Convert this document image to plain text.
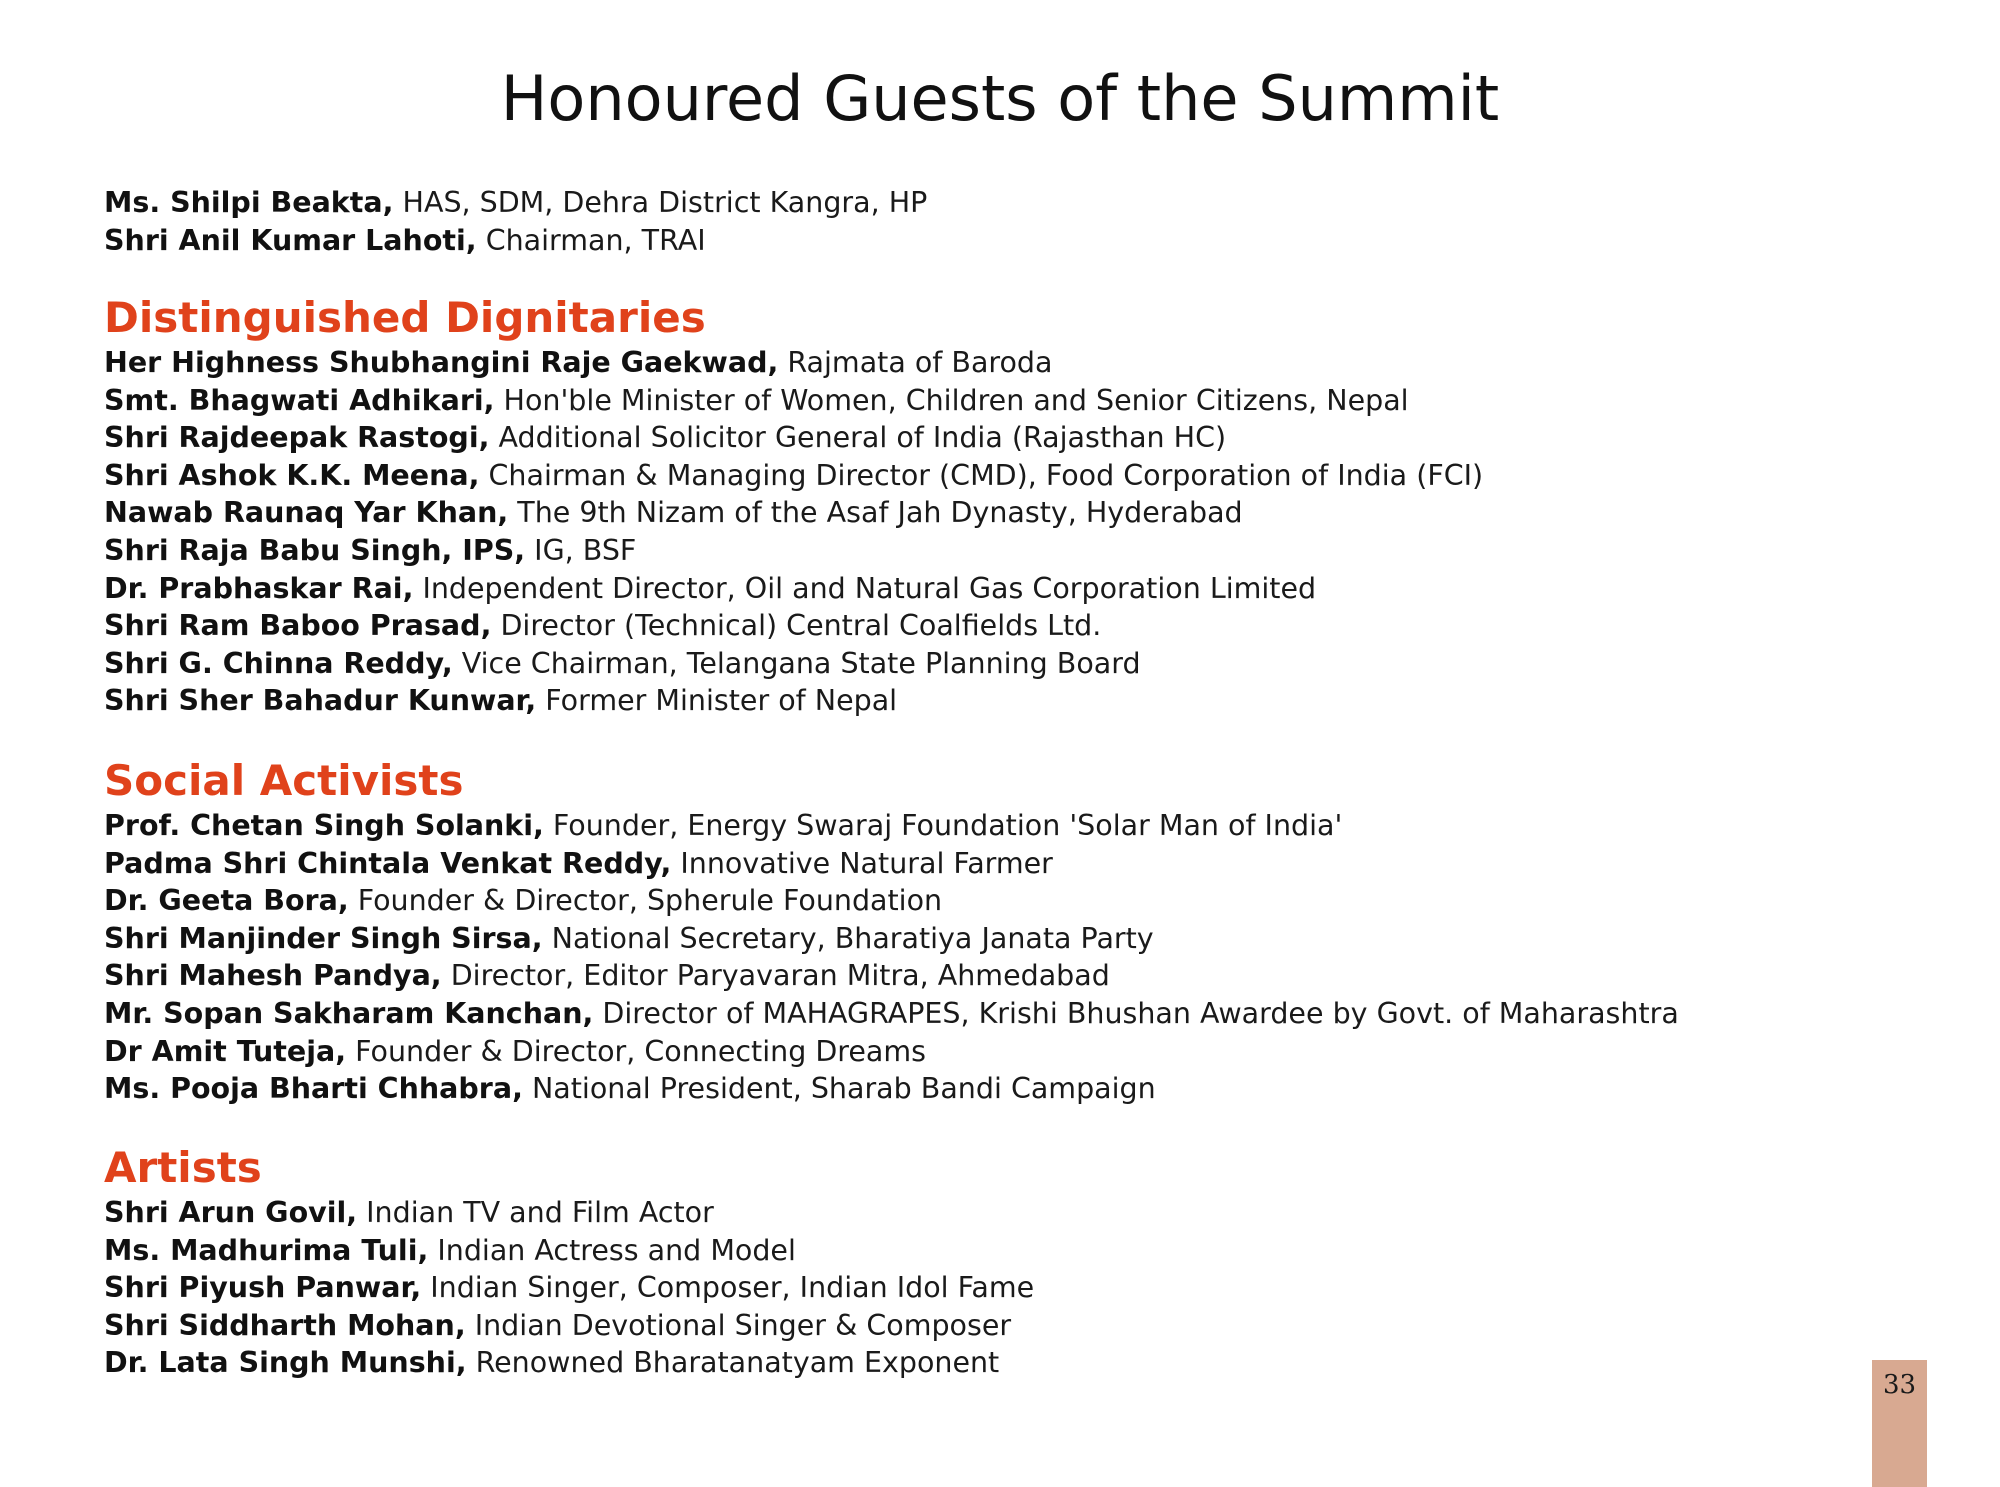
Honoured Guests of the Summit
Ms. Shilpi Beakta, HAS, SDM, Dehra District Kangra, HP
Shri Anil Kumar Lahoti, Chairman, TRAI
Distinguished Dignitaries
Her Highness Shubhangini Raje Gaekwad, Rajmata of Baroda
Smt. Bhagwati Adhikari, Hon'ble Minister of Women, Children and Senior Citizens, Nepal
Shri Rajdeepak Rastogi, Additional Solicitor General of India (Rajasthan HC)
Shri Ashok K.K. Meena, Chairman & Managing Director (CMD), Food Corporation of India (FCI)
Nawab Raunaq Yar Khan, The 9th Nizam of the Asaf Jah Dynasty, Hyderabad
Shri Raja Babu Singh, IPS, IG, BSF
Dr. Prabhaskar Rai, Independent Director, Oil and Natural Gas Corporation Limited
Shri Ram Baboo Prasad, Director (Technical) Central Coalfields Ltd.
Shri G. Chinna Reddy, Vice Chairman, Telangana State Planning Board
Shri Sher Bahadur Kunwar, Former Minister of Nepal
Social Activists
Prof. Chetan Singh Solanki, Founder, Energy Swaraj Foundation 'Solar Man of India'
Padma Shri Chintala Venkat Reddy, Innovative Natural Farmer
Dr. Geeta Bora, Founder & Director, Spherule Foundation
Shri Manjinder Singh Sirsa, National Secretary, Bharatiya Janata Party
Shri Mahesh Pandya, Director, Editor Paryavaran Mitra, Ahmedabad
Mr. Sopan Sakharam Kanchan, Director of MAHAGRAPES, Krishi Bhushan Awardee by Govt. of Maharashtra
Dr Amit Tuteja, Founder & Director, Connecting Dreams
Ms. Pooja Bharti Chhabra, National President, Sharab Bandi Campaign
Artists
Shri Arun Govil, Indian TV and Film Actor
Ms. Madhurima Tuli, Indian Actress and Model
Shri Piyush Panwar, Indian Singer, Composer, Indian Idol Fame
Shri Siddharth Mohan, Indian Devotional Singer & Composer
Dr. Lata Singh Munshi, Renowned Bharatanatyam Exponent
33
